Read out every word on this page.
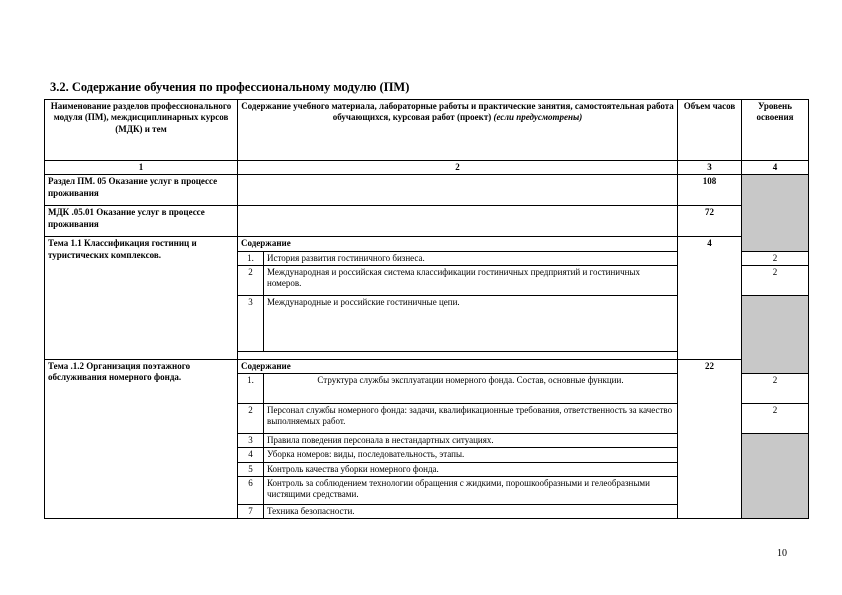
3.2. Содержание обучения по профессиональному модулю (ПМ)
Наименование разделов профессионального модуля (ПМ), междисциплинарных курсов (МДК) и тем	Содержание учебного материала, лабораторные работы и практические занятия, самостоятельная работа обучающихся, курсовая работ (проект) (если предусмотрены)		Объем часов	Уровень освоения
1	2		3	4
Раздел ПМ. 05 Оказание услуг в процессе проживания			108	
МДК .05.01 Оказание услуг в процессе проживания			72	
Тема 1.1 Классификация гостиниц и туристических комплексов.	Содержание		4	
	1.	История развития гостиничного бизнеса.		2
	2	Международная и российская система классификации гостиничных предприятий и гостиничных номеров.		2
	3	Международные и российские гостиничные цепи.		

Тема .1.2 Организация поэтажного обслуживания номерного фонда.	Содержание		22	
	1.	Структура службы эксплуатации номерного фонда. Состав, основные функции.		2
	2	Персонал службы номерного фонда: задачи, квалификационные требования, ответственность за качество выполняемых работ.		2
	3	Правила поведения персонала в нестандартных ситуациях.		
	4	Уборка номеров: виды, последовательность, этапы.		
	5	Контроль качества уборки номерного фонда.		
	6	Контроль за соблюдением технологии обращения с жидкими, порошкообразными и гелеобразными чистящими средствами.		
	7	Техника безопасности.		
10
